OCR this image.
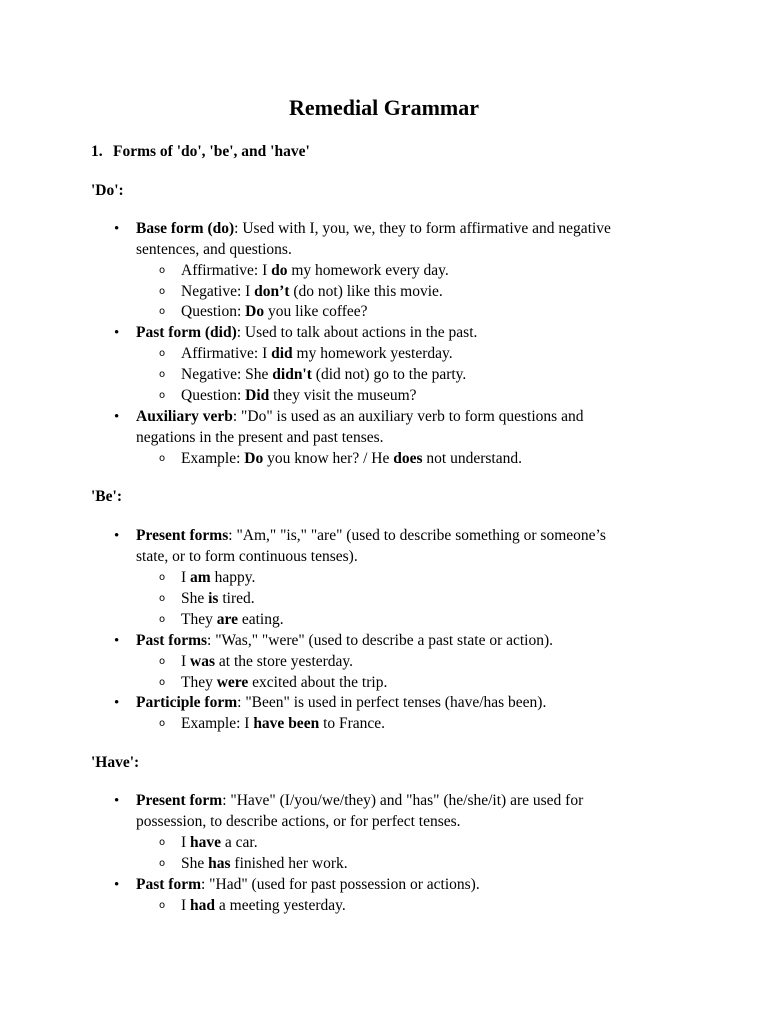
Remedial Grammar
1. Forms of 'do', 'be', and 'have'
'Do':
• Base form (do): Used with I, you, we, they to form affirmative and negative
sentences, and questions.
o Affirmative: I do my homework every day.
o Negative: I don’t (do not) like this movie.
o Question: Do you like coffee?
• Past form (did): Used to talk about actions in the past.
o Affirmative: I did my homework yesterday.
o Negative: She didn't (did not) go to the party.
o Question: Did they visit the museum?
• Auxiliary verb: "Do" is used as an auxiliary verb to form questions and
negations in the present and past tenses.
o Example: Do you know her? / He does not understand.
'Be':
• Present forms: "Am," "is," "are" (used to describe something or someone’s
state, or to form continuous tenses).
o I am happy.
o She is tired.
o They are eating.
• Past forms: "Was," "were" (used to describe a past state or action).
o I was at the store yesterday.
o They were excited about the trip.
• Participle form: "Been" is used in perfect tenses (have/has been).
o Example: I have been to France.
'Have':
• Present form: "Have" (I/you/we/they) and "has" (he/she/it) are used for
possession, to describe actions, or for perfect tenses.
o I have a car.
o She has finished her work.
• Past form: "Had" (used for past possession or actions).
o I had a meeting yesterday.
